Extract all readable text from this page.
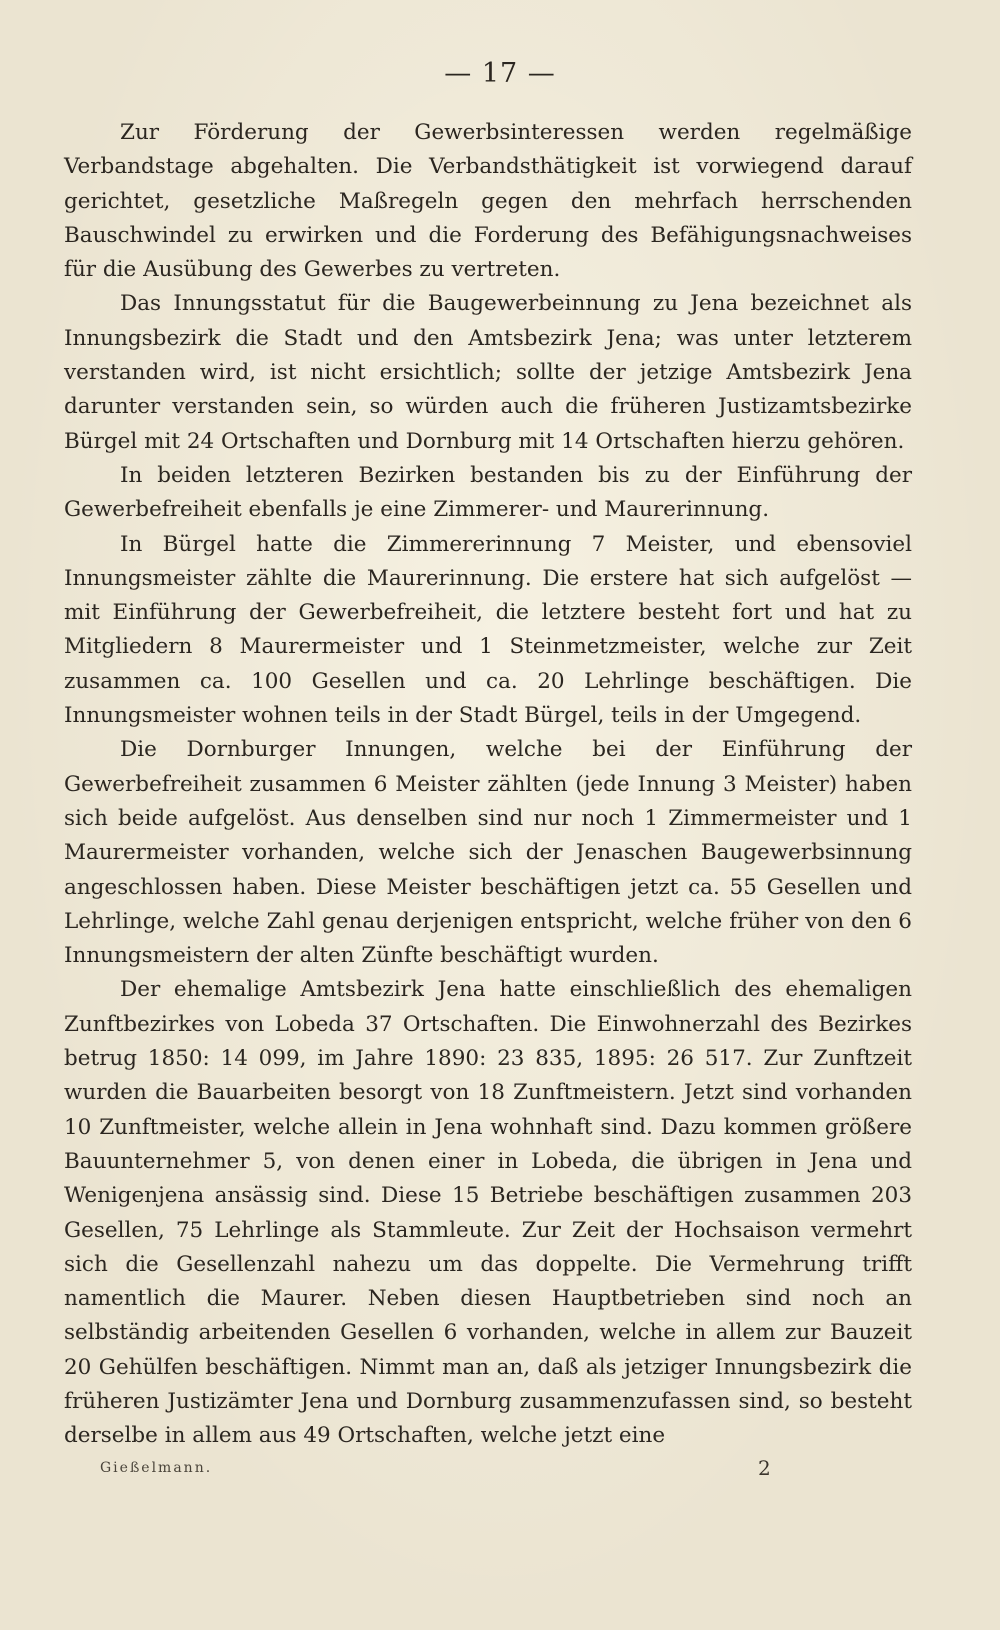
— 17 —

Zur Förderung der Gewerbsinteressen werden regelmäßige Verbandstage abgehalten. Die Verbandsthätigkeit ist vorwiegend darauf gerichtet, gesetzliche Maßregeln gegen den mehrfach herrschenden Bauschwindel zu erwirken und die Forderung des Befähigungsnachweises für die Ausübung des Gewerbes zu vertreten.

Das Innungsstatut für die Baugewerbeinnung zu Jena bezeichnet als Innungsbezirk die Stadt und den Amtsbezirk Jena; was unter letzterem verstanden wird, ist nicht ersichtlich; sollte der jetzige Amtsbezirk Jena darunter verstanden sein, so würden auch die früheren Justizamtsbezirke Bürgel mit 24 Ortschaften und Dornburg mit 14 Ortschaften hierzu gehören.

In beiden letzteren Bezirken bestanden bis zu der Einführung der Gewerbefreiheit ebenfalls je eine Zimmerer- und Maurerinnung.

In Bürgel hatte die Zimmererinnung 7 Meister, und ebensoviel Innungsmeister zählte die Maurerinnung. Die erstere hat sich aufgelöst — mit Einführung der Gewerbefreiheit, die letztere besteht fort und hat zu Mitgliedern 8 Maurermeister und 1 Steinmetzmeister, welche zur Zeit zusammen ca. 100 Gesellen und ca. 20 Lehrlinge beschäftigen. Die Innungsmeister wohnen teils in der Stadt Bürgel, teils in der Umgegend.

Die Dornburger Innungen, welche bei der Einführung der Gewerbefreiheit zusammen 6 Meister zählten (jede Innung 3 Meister) haben sich beide aufgelöst. Aus denselben sind nur noch 1 Zimmermeister und 1 Maurermeister vorhanden, welche sich der Jenaschen Baugewerbsinnung angeschlossen haben. Diese Meister beschäftigen jetzt ca. 55 Gesellen und Lehrlinge, welche Zahl genau derjenigen entspricht, welche früher von den 6 Innungsmeistern der alten Zünfte beschäftigt wurden.

Der ehemalige Amtsbezirk Jena hatte einschließlich des ehemaligen Zunftbezirkes von Lobeda 37 Ortschaften. Die Einwohnerzahl des Bezirkes betrug 1850: 14 099, im Jahre 1890: 23 835, 1895: 26 517. Zur Zunftzeit wurden die Bauarbeiten besorgt von 18 Zunftmeistern. Jetzt sind vorhanden 10 Zunftmeister, welche allein in Jena wohnhaft sind. Dazu kommen größere Bauunternehmer 5, von denen einer in Lobeda, die übrigen in Jena und Wenigenjena ansässig sind. Diese 15 Betriebe beschäftigen zusammen 203 Gesellen, 75 Lehrlinge als Stammleute. Zur Zeit der Hochsaison vermehrt sich die Gesellenzahl nahezu um das doppelte. Die Vermehrung trifft namentlich die Maurer. Neben diesen Hauptbetrieben sind noch an selbständig arbeitenden Gesellen 6 vorhanden, welche in allem zur Bauzeit 20 Gehülfen beschäftigen. Nimmt man an, daß als jetziger Innungsbezirk die früheren Justizämter Jena und Dornburg zusammenzufassen sind, so besteht derselbe in allem aus 49 Ortschaften, welche jetzt eine

Gießelmann.	2
